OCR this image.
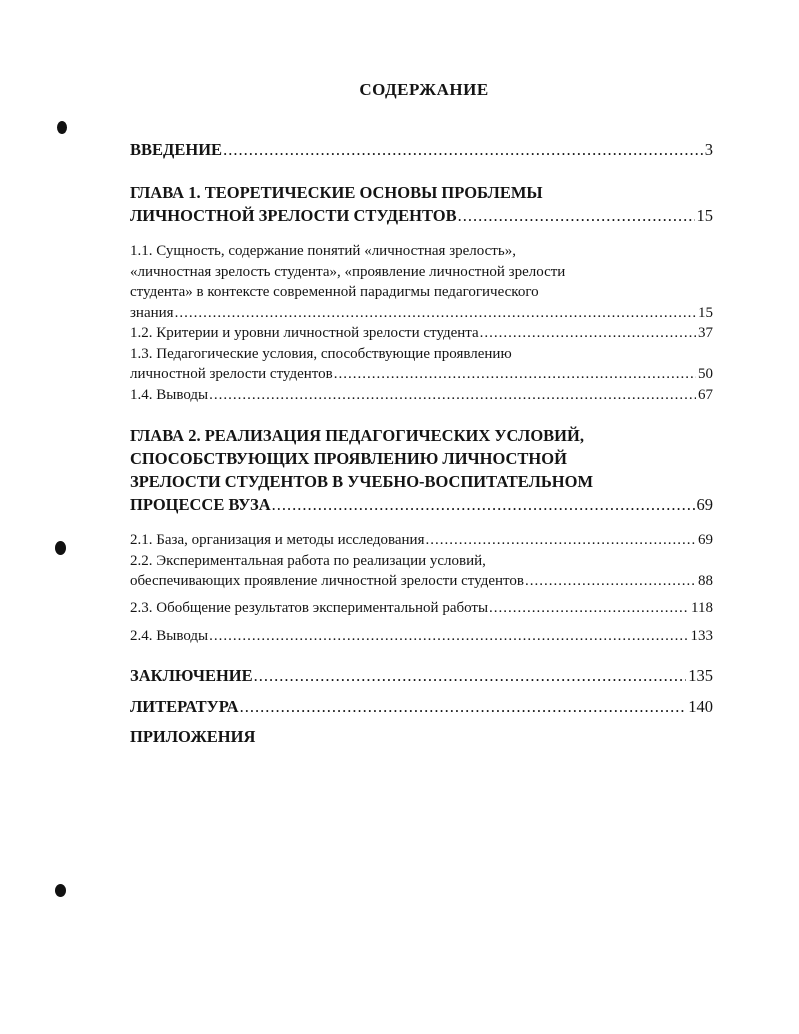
СОДЕРЖАНИЕ
ВВЕДЕНИЕ .....	3
ГЛАВА 1. ТЕОРЕТИЧЕСКИЕ ОСНОВЫ ПРОБЛЕМЫ
ЛИЧНОСТНОЙ ЗРЕЛОСТИ СТУДЕНТОВ .....	15
1.1. Сущность, содержание понятий «личностная зрелость»,
«личностная зрелость студента», «проявление личностной зрелости
студента» в контексте современной парадигмы педагогического
знания .....	15
1.2. Критерии и уровни личностной зрелости студента .....	37
1.3. Педагогические условия, способствующие проявлению
личностной зрелости студентов .....	50
1.4. Выводы .....	67
ГЛАВА 2. РЕАЛИЗАЦИЯ ПЕДАГОГИЧЕСКИХ УСЛОВИЙ,
СПОСОБСТВУЮЩИХ ПРОЯВЛЕНИЮ ЛИЧНОСТНОЙ
ЗРЕЛОСТИ СТУДЕНТОВ В УЧЕБНО-ВОСПИТАТЕЛЬНОМ
ПРОЦЕССЕ ВУЗА .....	69
2.1. База, организация и методы исследования .....	69
2.2. Экспериментальная работа по реализации условий,
обеспечивающих проявление личностной зрелости студентов .....	88
2.3. Обобщение результатов экспериментальной работы .....	118
2.4. Выводы .....	133
ЗАКЛЮЧЕНИЕ .....	135
ЛИТЕРАТУРА .....	140
ПРИЛОЖЕНИЯ
